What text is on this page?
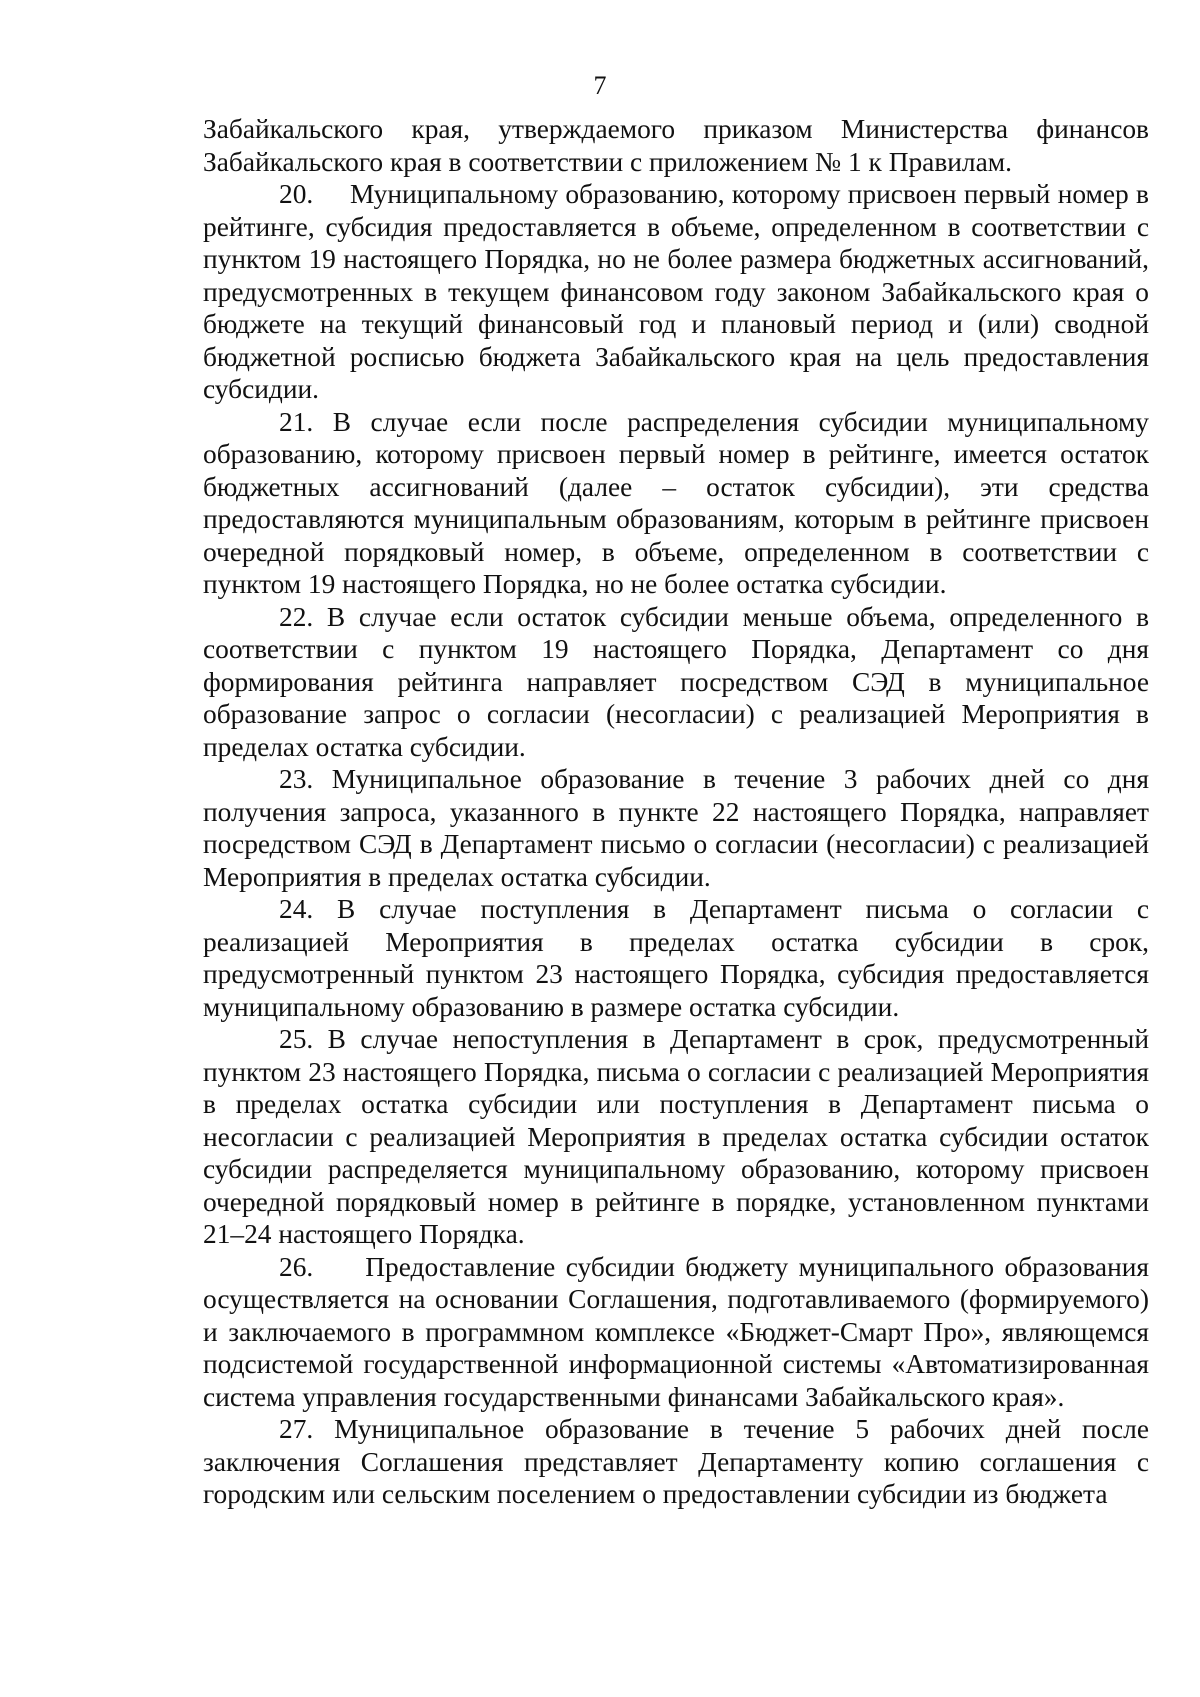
7

Забайкальского края, утверждаемого приказом Министерства финансов Забайкальского края в соответствии с приложением № 1 к Правилам.

20.     Муниципальному образованию, которому присвоен первый номер в рейтинге, субсидия предоставляется в объеме, определенном в соответствии с пунктом 19 настоящего Порядка, но не более размера бюджетных ассигнований, предусмотренных в текущем финансовом году законом Забайкальского края о бюджете на текущий финансовый год и плановый период и (или) сводной бюджетной росписью бюджета Забайкальского края на цель предоставления субсидии.

21. В случае если после распределения субсидии муниципальному образованию, которому присвоен первый номер в рейтинге, имеется остаток бюджетных ассигнований (далее – остаток субсидии), эти средства предоставляются муниципальным образованиям, которым в рейтинге присвоен очередной порядковый номер, в объеме, определенном в соответствии с пунктом 19 настоящего Порядка, но не более остатка субсидии.

22. В случае если остаток субсидии меньше объема, определенного в соответствии с пунктом 19 настоящего Порядка, Департамент со дня формирования рейтинга направляет посредством СЭД в муниципальное образование запрос о согласии (несогласии) с реализацией Мероприятия в пределах остатка субсидии.

23. Муниципальное образование в течение 3 рабочих дней со дня получения запроса, указанного в пункте 22 настоящего Порядка, направляет посредством СЭД в Департамент письмо о согласии (несогласии) с реализацией Мероприятия в пределах остатка субсидии.

24. В случае поступления в Департамент письма о согласии с реализацией Мероприятия в пределах остатка субсидии в срок, предусмотренный пунктом 23 настоящего Порядка, субсидия предоставляется муниципальному образованию в размере остатка субсидии.

25. В случае непоступления в Департамент в срок, предусмотренный пунктом 23 настоящего Порядка, письма о согласии с реализацией Мероприятия в пределах остатка субсидии или поступления в Департамент письма о несогласии с реализацией Мероприятия в пределах остатка субсидии остаток субсидии распределяется муниципальному образованию, которому присвоен очередной порядковый номер в рейтинге в порядке, установленном пунктами 21–24 настоящего Порядка.

26.     Предоставление субсидии бюджету муниципального образования осуществляется на основании Соглашения, подготавливаемого (формируемого) и заключаемого в программном комплексе «Бюджет-Смарт Про», являющемся подсистемой государственной информационной системы «Автоматизированная система управления государственными финансами Забайкальского края».

27. Муниципальное образование в течение 5 рабочих дней после заключения Соглашения представляет Департаменту копию соглашения с городским или сельским поселением о предоставлении субсидии из бюджета
